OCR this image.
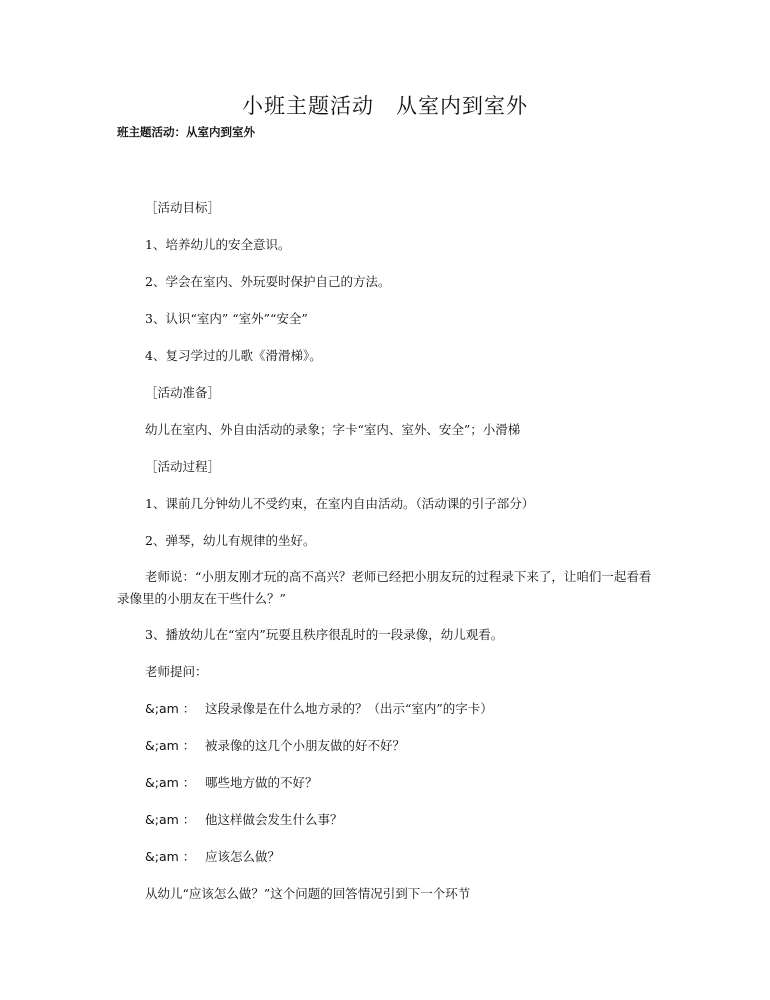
小班主题活动　从室内到室外
班主题活动：从室内到室外
［活动目标］
1、培养幼儿的安全意识。
2、学会在室内、外玩耍时保护自己的方法。
3、认识“室内” “室外”“安全”
4、复习学过的儿歌《滑滑梯》。
［活动准备］
幼儿在室内、外自由活动的录象；字卡“室内、室外、安全”；小滑梯
［活动过程］
1、课前几分钟幼儿不受约束，在室内自由活动。（活动课的引子部分）
2、弹琴，幼儿有规律的坐好。
老师说：“小朋友刚才玩的高不高兴？老师已经把小朋友玩的过程录下来了，让咱们一起看看录像里的小朋友在干些什么？”
3、播放幼儿在“室内”玩耍且秩序很乱时的一段录像，幼儿观看。
老师提问：
&;am ： 这段录像是在什么地方录的？（出示“室内”的字卡）
&;am ： 被录像的这几个小朋友做的好不好？
&;am ： 哪些地方做的不好？
&;am ： 他这样做会发生什么事？
&;am ： 应该怎么做？
从幼儿“应该怎么做？”这个问题的回答情况引到下一个环节
